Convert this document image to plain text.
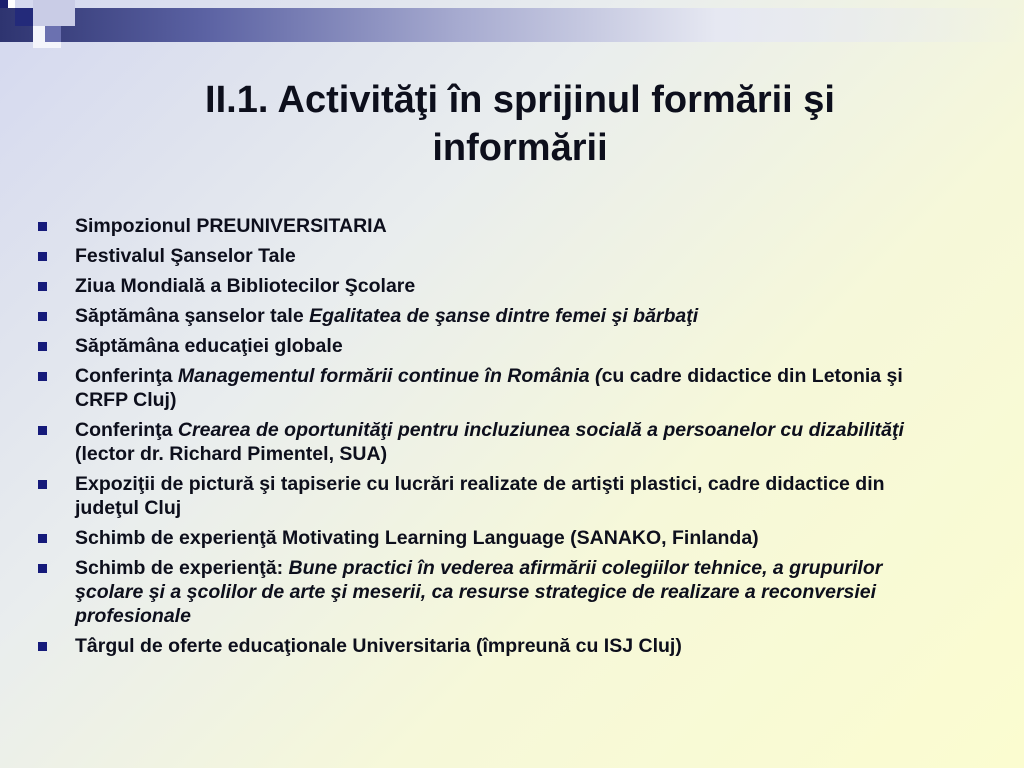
II.1. Activităţi în sprijinul formării şi
informării
Simpozionul PREUNIVERSITARIA
Festivalul Şanselor Tale
Ziua Mondială a Bibliotecilor Şcolare
Săptămâna şanselor tale Egalitatea de şanse dintre femei şi bărbaţi
Săptămâna educaţiei globale
Conferinţa Managementul formării continue în România (cu cadre didactice din Letonia şi CRFP Cluj)
Conferinţa Crearea de oportunităţi pentru incluziunea socială a persoanelor cu dizabilităţi (lector dr. Richard Pimentel, SUA)
Expoziţii de pictură şi tapiserie cu lucrări realizate de artişti plastici, cadre didactice din judeţul Cluj
Schimb de experienţă Motivating Learning Language (SANAKO, Finlanda)
Schimb de experienţă: Bune practici în vederea afirmării colegiilor tehnice, a grupurilor şcolare şi a şcolilor de arte şi meserii, ca resurse strategice de realizare a reconversiei profesionale
Târgul de oferte educaţionale Universitaria (împreună cu ISJ Cluj)
